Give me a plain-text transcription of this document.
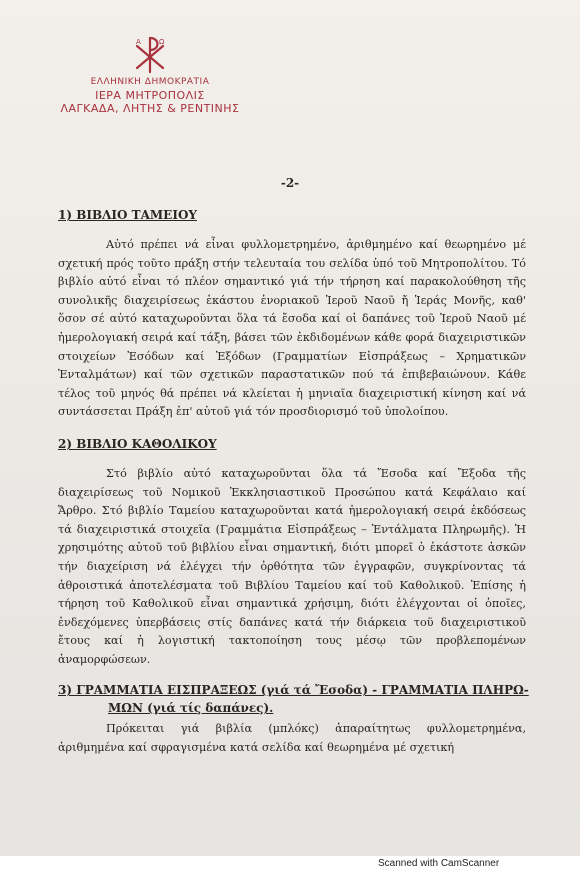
Α	Ω
ΕΛΛΗΝΙΚΗ ΔΗΜΟΚΡΑΤΙΑ
ΙΕΡΑ ΜΗΤΡΟΠΟΛΙΣ
ΛΑΓΚΑΔΑ, ΛΗΤΗΣ & ΡΕΝΤΙΝΗΣ
-2-
1) ΒΙΒΛΙΟ ΤΑΜΕΙΟΥ

Αὐτό πρέπει νά εἶναι φυλλομετρημένο, ἀριθμημένο καί θεωρημένο μέ σχετική πρός τοῦτο πράξη στήν τελευταία του σελίδα ὑπό τοῦ Μητροπολίτου. Τό βιβλίο αὐτό εἶναι τό πλέον σημαντικό γιά τήν τήρηση καί παρακολούθηση τῆς συνολικῆς διαχειρίσεως ἑκάστου ἐνοριακοῦ Ἱεροῦ Ναοῦ ἤ Ἱεράς Μονῆς, καθ' ὅσον σέ αὐτό καταχωροῦνται ὅλα τά ἔσοδα καί οἱ δαπάνες τοῦ Ἱεροῦ Ναοῦ μέ ἡμερολογιακή σειρά καί τάξη, βάσει τῶν ἐκδιδομένων κάθε φορά διαχειριστικῶν στοιχείων Ἐσόδων καί Ἐξόδων (Γραμματίων Εἰσπράξεως – Χρηματικῶν Ἐνταλμάτων) καί τῶν σχετικῶν παραστατικῶν πού τά ἐπιβεβαιώνουν. Κάθε τέλος τοῦ μηνός θά πρέπει νά κλείεται ἡ μηνιαῖα διαχειριστική κίνηση καί νά συντάσσεται Πράξη ἐπ' αὐτοῦ γιά τόν προσδιορισμό τοῦ ὑπολοίπου.

2) ΒΙΒΛΙΟ ΚΑΘΟΛΙΚΟΥ

Στό βιβλίο αὐτό καταχωροῦνται ὅλα τά Ἔσοδα καί Ἔξοδα τῆς διαχειρίσεως τοῦ Νομικοῦ Ἐκκλησιαστικοῦ Προσώπου κατά Κεφάλαιο καί Ἄρθρο. Στό βιβλίο Ταμείου καταχωροῦνται κατά ἡμερολογιακή σειρά ἐκδόσεως τά διαχειριστικά στοιχεῖα (Γραμμάτια Εἰσπράξεως – Ἐντάλματα Πληρωμῆς). Ἡ χρησιμότης αὐτοῦ τοῦ βιβλίου εἶναι σημαντική, διότι μπορεῖ ὁ ἑκάστοτε ἀσκῶν τήν διαχείριση νά ἐλέγχει τήν ὀρθότητα τῶν ἐγγραφῶν, συγκρίνοντας τά ἀθροιστικά ἀποτελέσματα τοῦ Βιβλίου Ταμείου καί τοῦ Καθολικοῦ. Ἐπίσης ἡ τήρηση τοῦ Καθολικοῦ εἶναι σημαντικά χρήσιμη, διότι ἐλέγχονται οἱ ὁποῖες, ἐνδεχόμενες ὑπερβάσεις στίς δαπάνες κατά τήν διάρκεια τοῦ διαχειριστικοῦ ἔτους καί ἡ λογιστική τακτοποίηση τους μέσῳ τῶν προβλεπομένων ἀναμορφώσεων.

3) ΓΡΑΜΜΑΤΙΑ ΕΙΣΠΡΑΞΕΩΣ (γιά τά Ἔσοδα) - ΓΡΑΜΜΑΤΙΑ ΠΛΗΡΩ-
ΜΩΝ (γιά τίς δαπάνες).

Πρόκειται γιά βιβλία (μπλόκς) ἀπαραίτητως φυλλομετρημένα, ἀριθμημένα καί σφραγισμένα κατά σελίδα καί θεωρημένα μέ σχετική

Scanned with CamScanner
